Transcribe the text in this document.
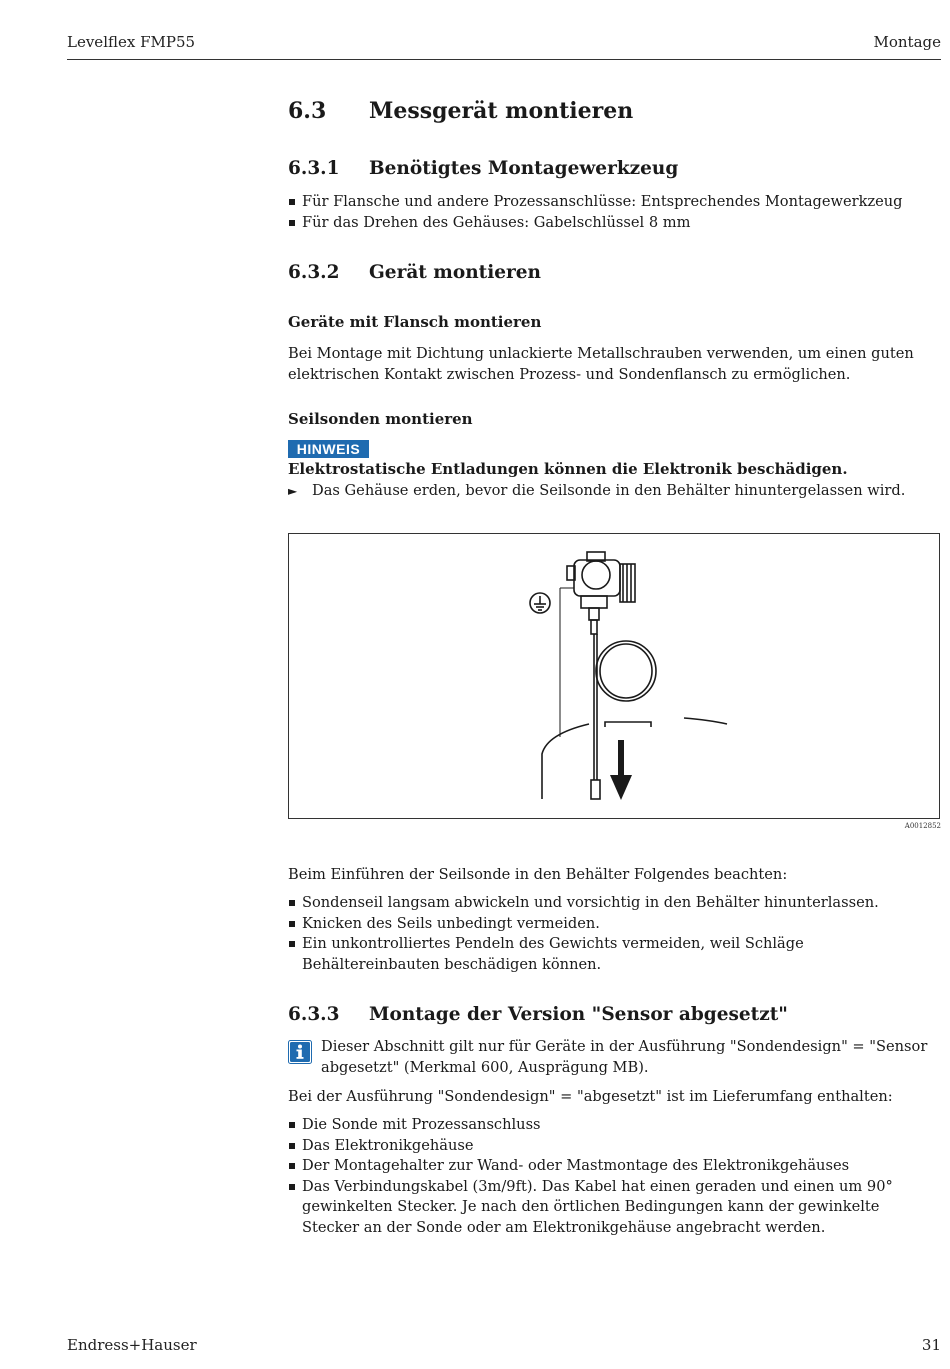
Levelflex FMP55	Montage
6.3 Messgerät montieren
6.3.1 Benötigtes Montagewerkzeug
Für Flansche und andere Prozessanschlüsse: Entsprechendes Montagewerkzeug
Für das Drehen des Gehäuses: Gabelschlüssel 8 mm
6.3.2 Gerät montieren
Geräte mit Flansch montieren
Bei Montage mit Dichtung unlackierte Metallschrauben verwenden, um einen guten elektrischen Kontakt zwischen Prozess- und Sondenflansch zu ermöglichen.
Seilsonden montieren
HINWEIS
Elektrostatische Entladungen können die Elektronik beschädigen.
► Das Gehäuse erden, bevor die Seilsonde in den Behälter hinuntergelassen wird.
A0012852
Beim Einführen der Seilsonde in den Behälter Folgendes beachten:
Sondenseil langsam abwickeln und vorsichtig in den Behälter hinunterlassen.
Knicken des Seils unbedingt vermeiden.
Ein unkontrolliertes Pendeln des Gewichts vermeiden, weil Schläge Behältereinbauten beschädigen können.
6.3.3 Montage der Version "Sensor abgesetzt"
Dieser Abschnitt gilt nur für Geräte in der Ausführung "Sondendesign" = "Sensor abgesetzt" (Merkmal 600, Ausprägung MB).
Bei der Ausführung "Sondendesign" = "abgesetzt" ist im Lieferumfang enthalten:
Die Sonde mit Prozessanschluss
Das Elektronikgehäuse
Der Montagehalter zur Wand- oder Mastmontage des Elektronikgehäuses
Das Verbindungskabel (3m/9ft). Das Kabel hat einen geraden und einen um 90° gewinkelten Stecker. Je nach den örtlichen Bedingungen kann der gewinkelte Stecker an der Sonde oder am Elektronikgehäuse angebracht werden.
Endress+Hauser	31
